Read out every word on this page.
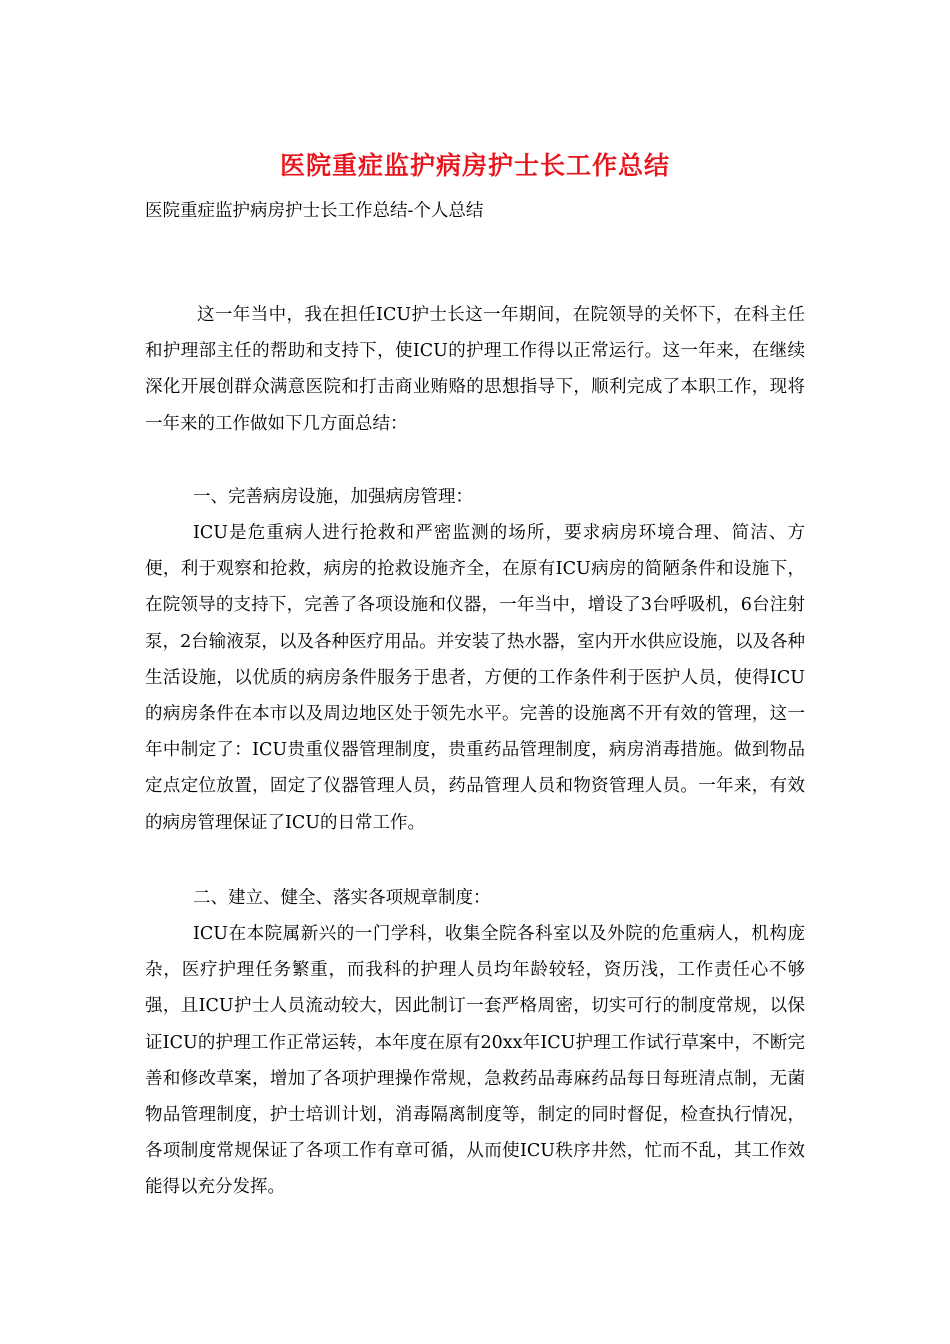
医院重症监护病房护士长工作总结

医院重症监护病房护士长工作总结-个人总结

这一年当中，我在担任ICU护士长这一年期间，在院领导的关怀下，在科主任和护理部主任的帮助和支持下，使ICU的护理工作得以正常运行。这一年来，在继续深化开展创群众满意医院和打击商业贿赂的思想指导下，顺利完成了本职工作，现将一年来的工作做如下几方面总结：

一、完善病房设施，加强病房管理：

ICU是危重病人进行抢救和严密监测的场所，要求病房环境合理、简洁、方便，利于观察和抢救，病房的抢救设施齐全，在原有ICU病房的简陋条件和设施下，在院领导的支持下，完善了各项设施和仪器，一年当中，增设了3台呼吸机，6台注射泵，2台输液泵，以及各种医疗用品。并安装了热水器，室内开水供应设施，以及各种生活设施，以优质的病房条件服务于患者，方便的工作条件利于医护人员，使得ICU的病房条件在本市以及周边地区处于领先水平。完善的设施离不开有效的管理，这一年中制定了：ICU贵重仪器管理制度，贵重药品管理制度，病房消毒措施。做到物品定点定位放置，固定了仪器管理人员，药品管理人员和物资管理人员。一年来，有效的病房管理保证了ICU的日常工作。

二、建立、健全、落实各项规章制度：

ICU在本院属新兴的一门学科，收集全院各科室以及外院的危重病人，机构庞杂，医疗护理任务繁重，而我科的护理人员均年龄较轻，资历浅，工作责任心不够强，且ICU护士人员流动较大，因此制订一套严格周密，切实可行的制度常规，以保证ICU的护理工作正常运转，本年度在原有20xx年ICU护理工作试行草案中，不断完善和修改草案，增加了各项护理操作常规，急救药品毒麻药品每日每班清点制，无菌物品管理制度，护士培训计划，消毒隔离制度等，制定的同时督促，检查执行情况，各项制度常规保证了各项工作有章可循，从而使ICU秩序井然，忙而不乱，其工作效能得以充分发挥。
